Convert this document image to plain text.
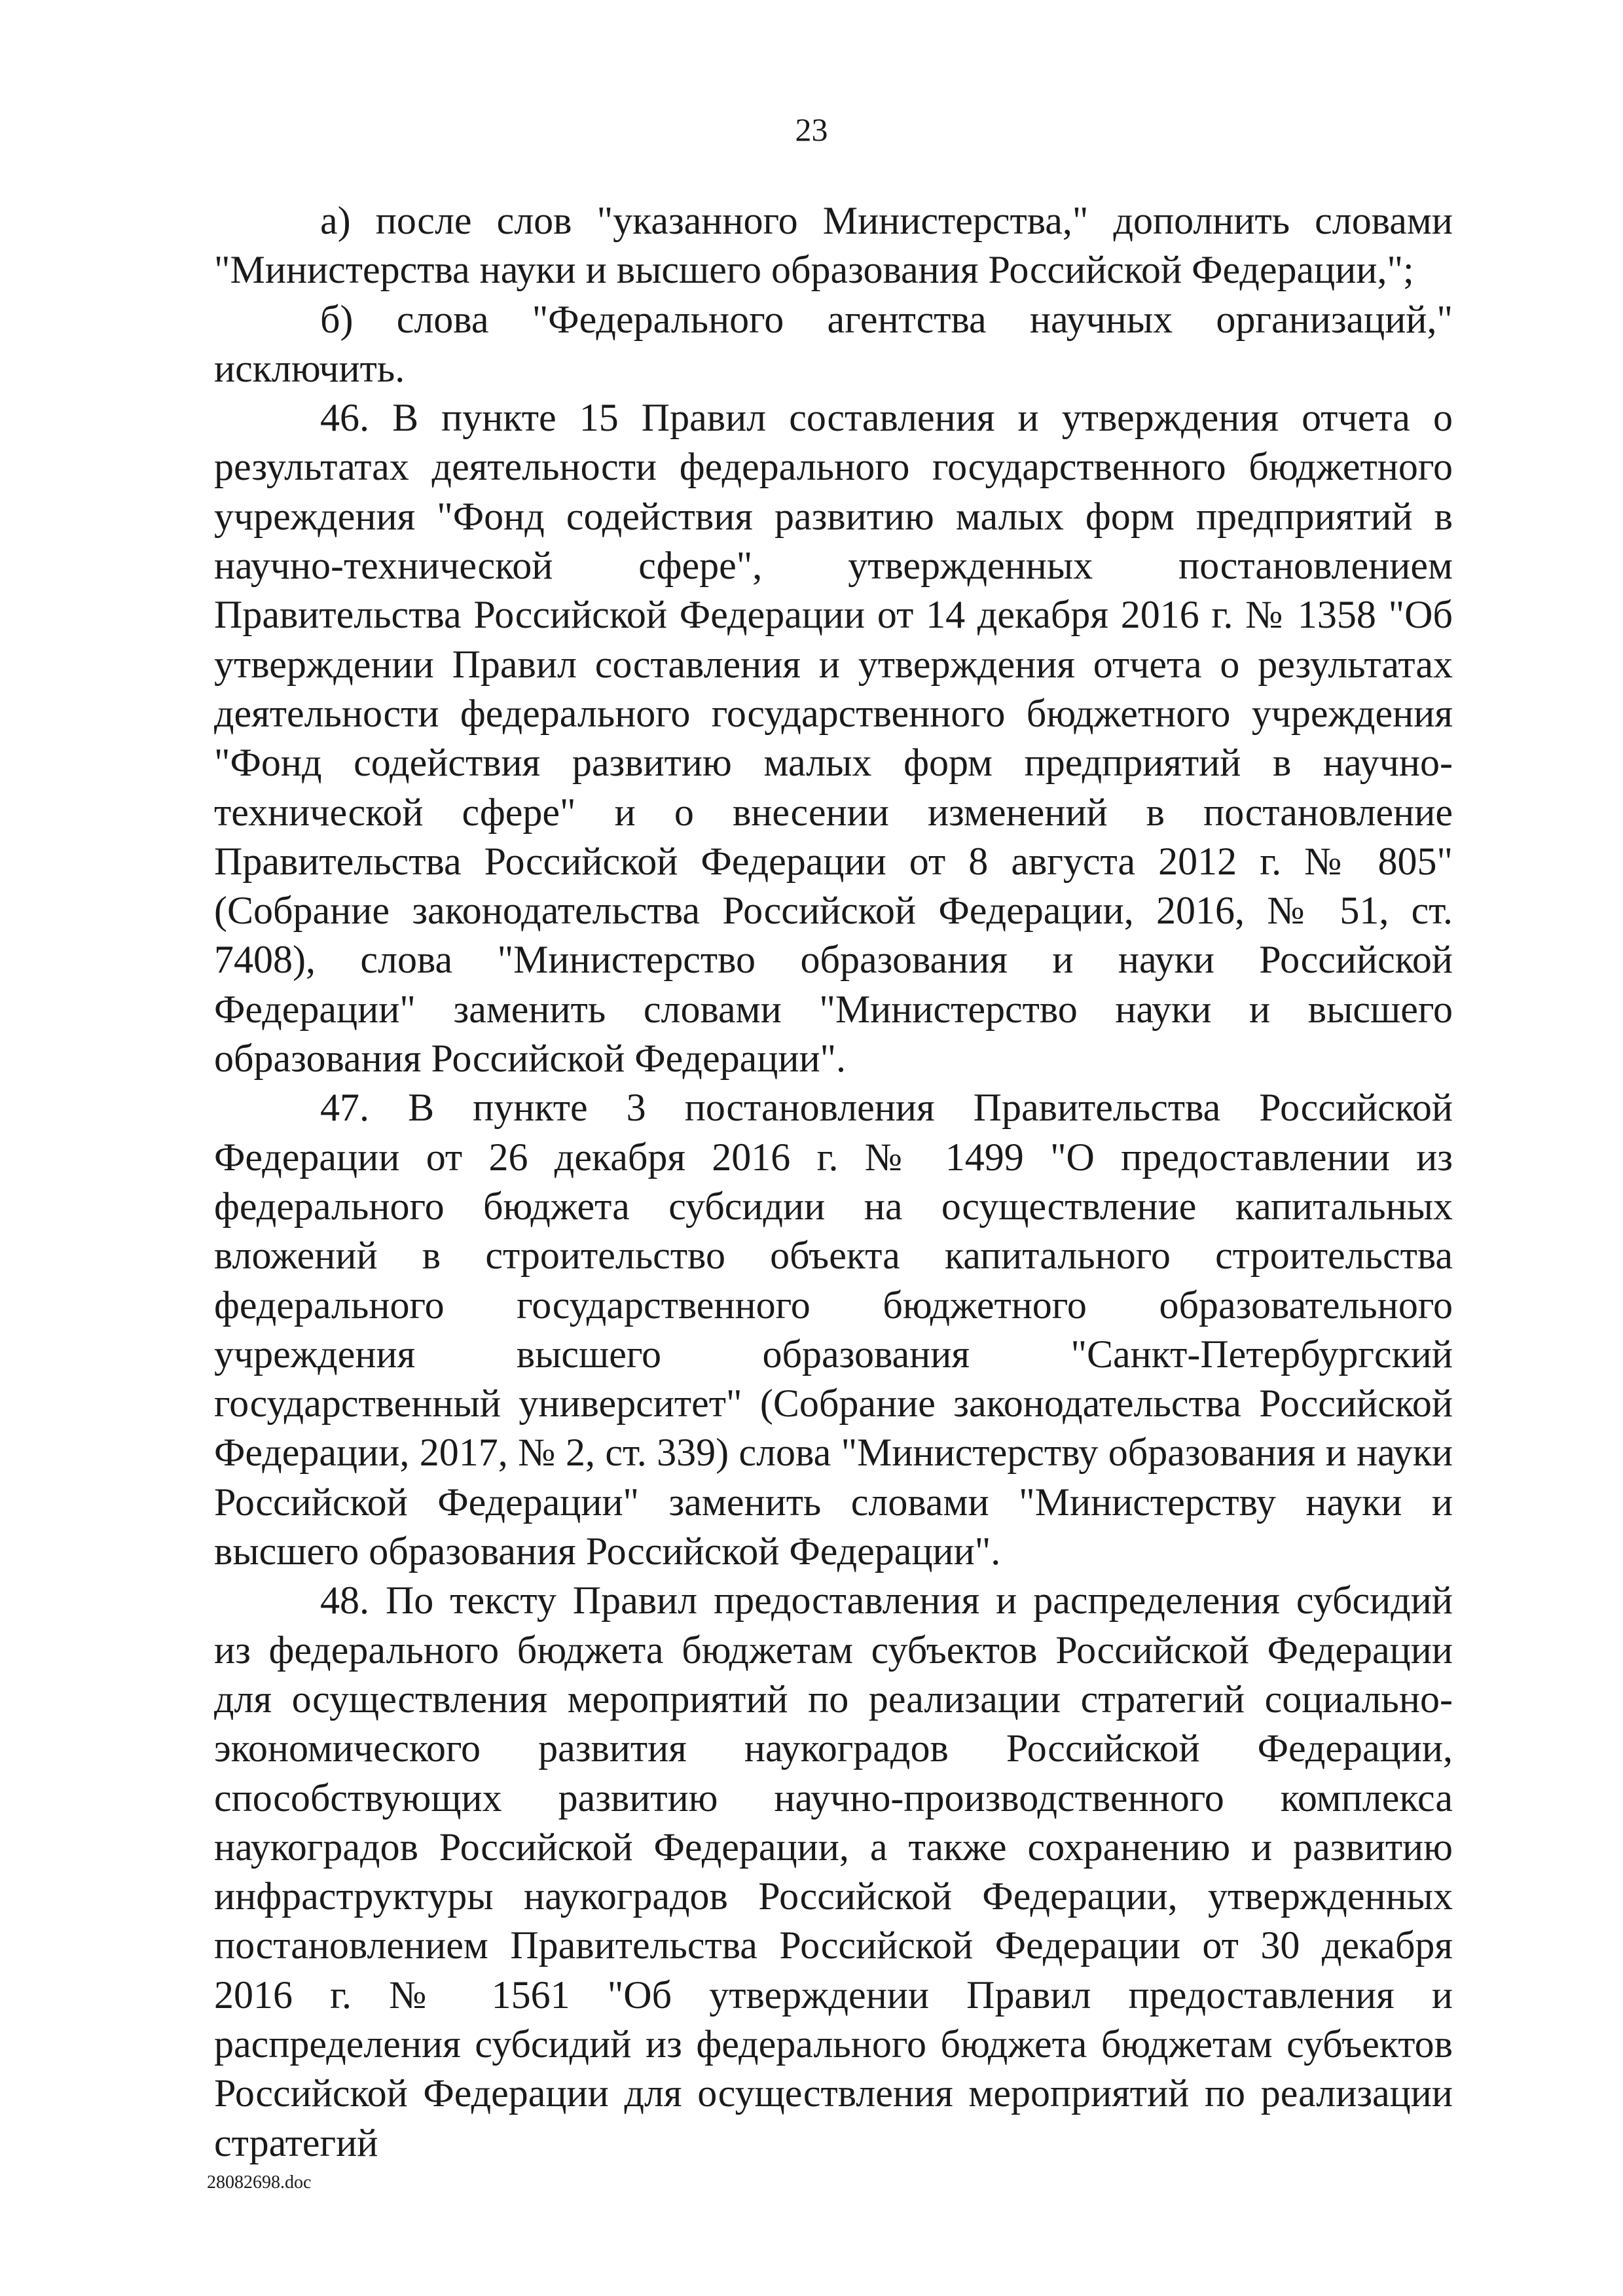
23

а) после слов "указанного Министерства," дополнить словами "Министерства науки и высшего образования Российской Федерации,";

б) слова "Федерального агентства научных организаций," исключить.

46. В пункте 15 Правил составления и утверждения отчета о результатах деятельности федерального государственного бюджетного учреждения "Фонд содействия развитию малых форм предприятий в научно-технической сфере", утвержденных постановлением Правительства Российской Федерации от 14 декабря 2016 г. № 1358 "Об утверждении Правил составления и утверждения отчета о результатах деятельности федерального государственного бюджетного учреждения "Фонд содействия развитию малых форм предприятий в научно-технической сфере" и о внесении изменений в постановление Правительства Российской Федерации от 8 августа 2012 г. № 805" (Собрание законодательства Российской Федерации, 2016, № 51, ст. 7408), слова "Министерство образования и науки Российской Федерации" заменить словами "Министерство науки и высшего образования Российской Федерации".

47. В пункте 3 постановления Правительства Российской Федерации от 26 декабря 2016 г. № 1499 "О предоставлении из федерального бюджета субсидии на осуществление капитальных вложений в строительство объекта капитального строительства федерального государственного бюджетного образовательного учреждения высшего образования "Санкт-Петербургский государственный университет" (Собрание законодательства Российской Федерации, 2017, № 2, ст. 339) слова "Министерству образования и науки Российской Федерации" заменить словами "Министерству науки и высшего образования Российской Федерации".

48. По тексту Правил предоставления и распределения субсидий из федерального бюджета бюджетам субъектов Российской Федерации для осуществления мероприятий по реализации стратегий социально-экономического развития наукоградов Российской Федерации, способствующих развитию научно-производственного комплекса наукоградов Российской Федерации, а также сохранению и развитию инфраструктуры наукоградов Российской Федерации, утвержденных постановлением Правительства Российской Федерации от 30 декабря 2016 г. № 1561 "Об утверждении Правил предоставления и распределения субсидий из федерального бюджета бюджетам субъектов Российской Федерации для осуществления мероприятий по реализации стратегий

28082698.doc
